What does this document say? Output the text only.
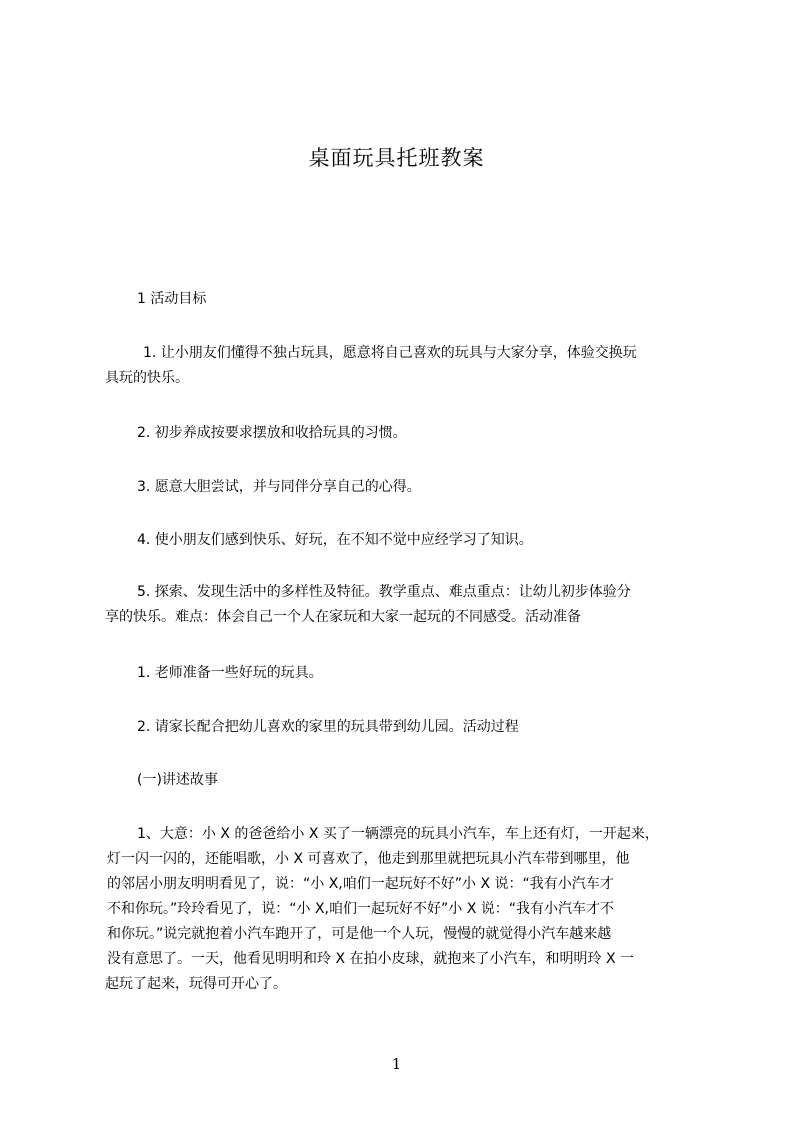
桌面玩具托班教案
1 活动目标
1. 让小朋友们懂得不独占玩具，愿意将自己喜欢的玩具与大家分享，体验交换玩
具玩的快乐。
2. 初步养成按要求摆放和收拾玩具的习惯。
3. 愿意大胆尝试，并与同伴分享自己的心得。
4. 使小朋友们感到快乐、好玩，在不知不觉中应经学习了知识。
5. 探索、发现生活中的多样性及特征。教学重点、难点重点：让幼儿初步体验分
享的快乐。难点：体会自己一个人在家玩和大家一起玩的不同感受。活动准备
1. 老师准备一些好玩的玩具。
2. 请家长配合把幼儿喜欢的家里的玩具带到幼儿园。活动过程
(一)讲述故事
1、大意：小 X 的爸爸给小 X 买了一辆漂亮的玩具小汽车，车上还有灯，一开起来，
灯一闪一闪的，还能唱歌，小 X 可喜欢了，他走到那里就把玩具小汽车带到哪里，他
的邻居小朋友明明看见了，说：“小 X,咱们一起玩好不好”小 X 说：“我有小汽车才
不和你玩。”玲玲看见了，说：“小 X,咱们一起玩好不好”小 X 说：“我有小汽车才不
和你玩。”说完就抱着小汽车跑开了，可是他一个人玩，慢慢的就觉得小汽车越来越
没有意思了。一天，他看见明明和玲 X 在拍小皮球，就抱来了小汽车，和明明玲 X 一
起玩了起来，玩得可开心了。
1
